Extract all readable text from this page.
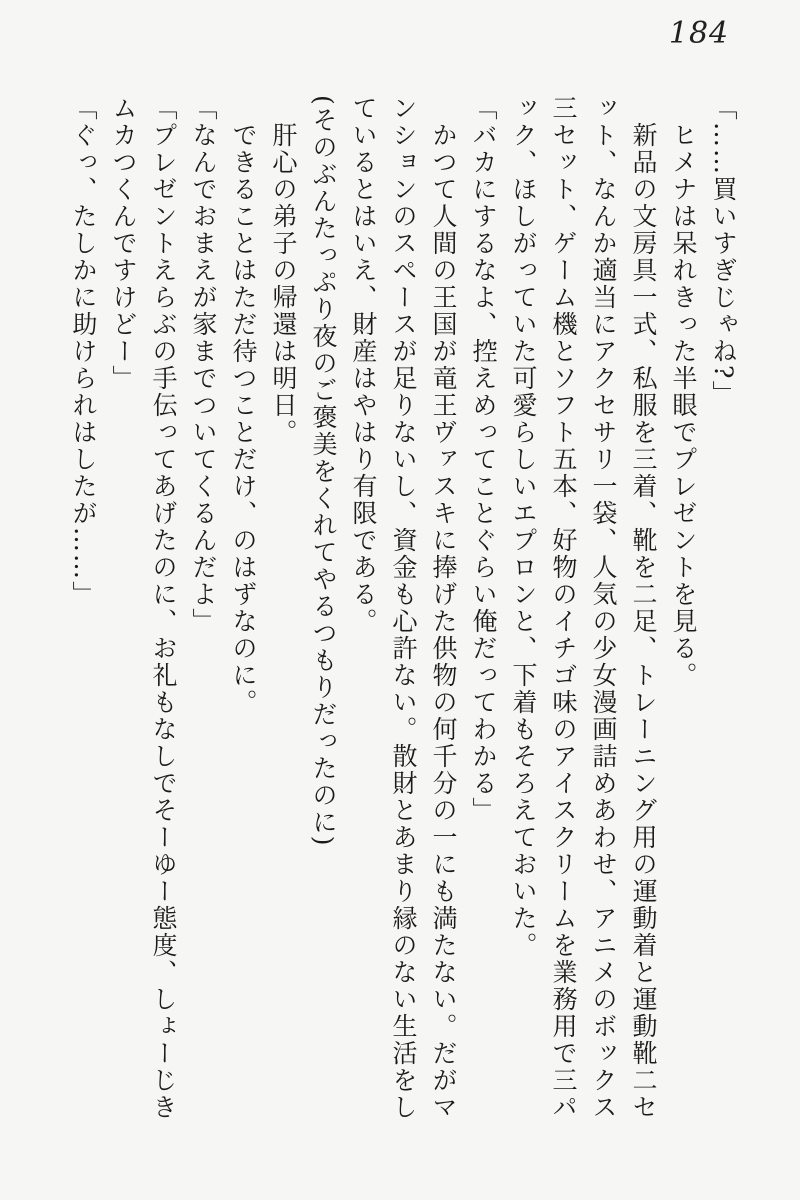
184

「……買いすぎじゃね?」

ヒメナは呆れきった半眼でプレゼントを見る。

新品の文房具一式、私服を三着、靴を二足、トレーニング用の運動着と運動靴二セット、なんか適当にアクセサリ一袋、人気の少女漫画詰めあわせ、アニメのボックス三セット、ゲーム機とソフト五本、好物のイチゴ味のアイスクリームを業務用で三パック、ほしがっていた可愛らしいエプロンと、下着もそろえておいた。

「バカにするなよ、控えめってことぐらい俺だってわかる」

かつて人間の王国が竜王ヴァスキに捧げた供物の何千分の一にも満たない。だがマンションのスペースが足りないし、資金も心許ない。散財とあまり縁のない生活をしているとはいえ、財産はやはり有限である。

(そのぶんたっぷり夜のご褒美をくれてやるつもりだったのに)

肝心の弟子の帰還は明日。

できることはただ待つことだけ、のはずなのに。

「なんでおまえが家までついてくるんだよ」

「プレゼントえらぶの手伝ってあげたのに、お礼もなしでそーゆー態度、しょーじきムカつくんですけどー」

「ぐっ、たしかに助けられはしたが……」
